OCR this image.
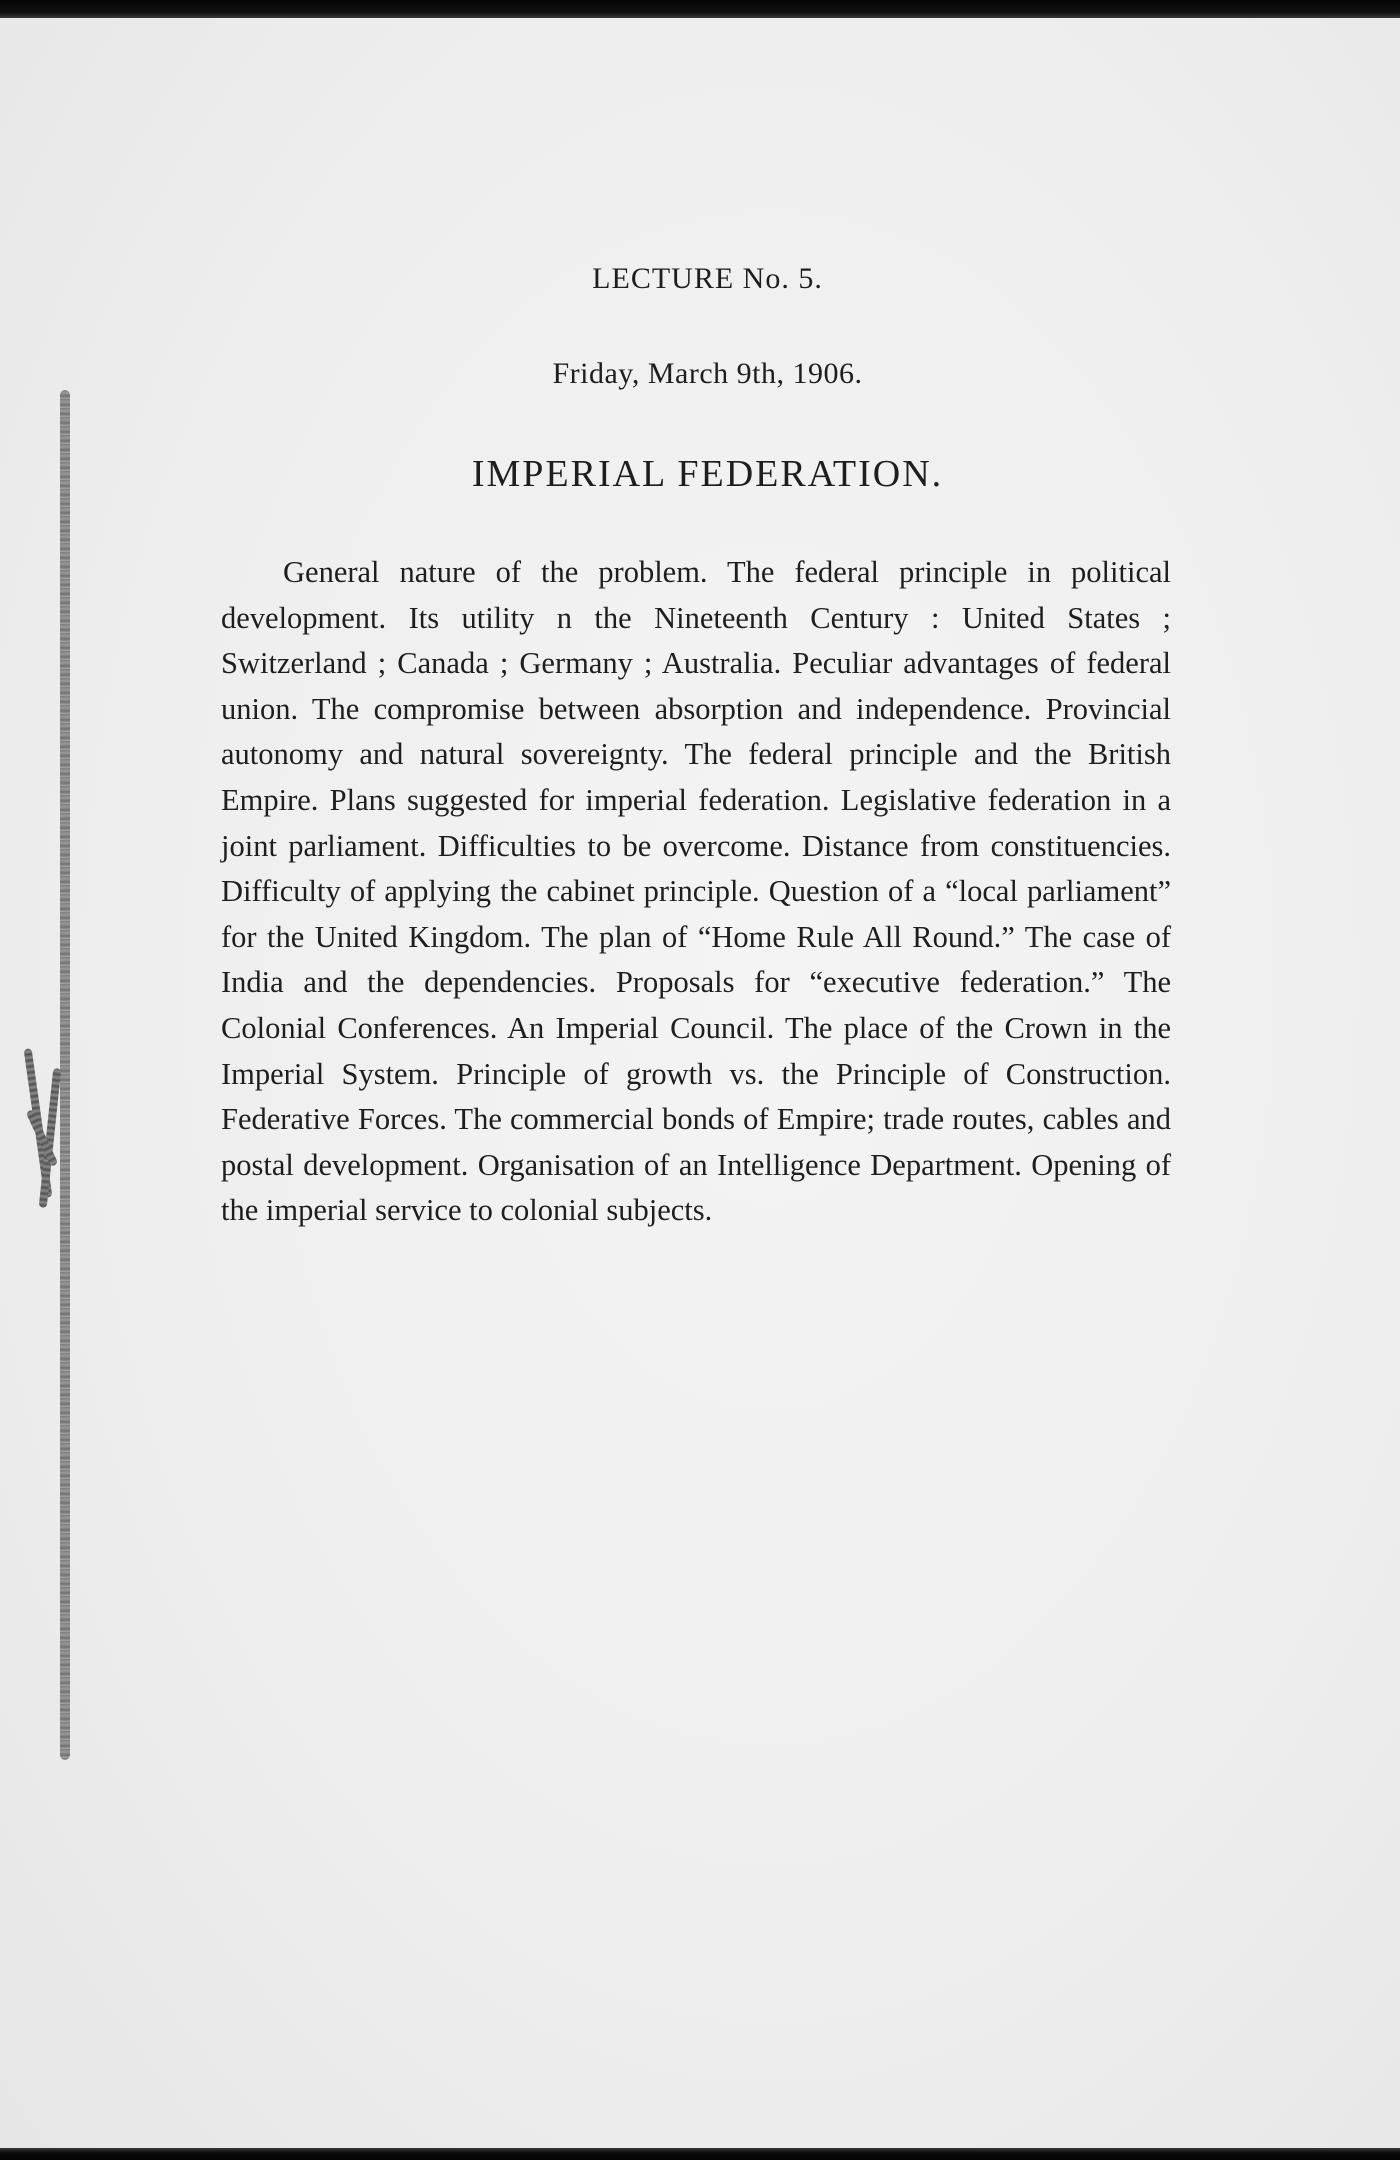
LECTURE No. 5.
Friday, March 9th, 1906.
IMPERIAL FEDERATION.

General nature of the problem. The federal principle in political development. Its utility n the Nineteenth Century : United States ; Switzerland ; Canada ; Germany ; Australia. Peculiar advantages of federal union. The compromise between absorption and independence. Provincial autonomy and natural sovereignty. The federal principle and the British Empire. Plans suggested for imperial federation. Legislative federation in a joint parliament. Difficulties to be overcome. Distance from constituencies. Difficulty of applying the cabinet principle. Question of a “local parliament” for the United Kingdom. The plan of “Home Rule All Round.” The case of India and the dependencies. Proposals for “executive federation.” The Colonial Conferences. An Imperial Council. The place of the Crown in the Imperial System. Principle of growth vs. the Principle of Construction. Federative Forces. The commercial bonds of Empire; trade routes, cables and postal development. Organisation of an Intelligence Department. Opening of the imperial service to colonial subjects.
